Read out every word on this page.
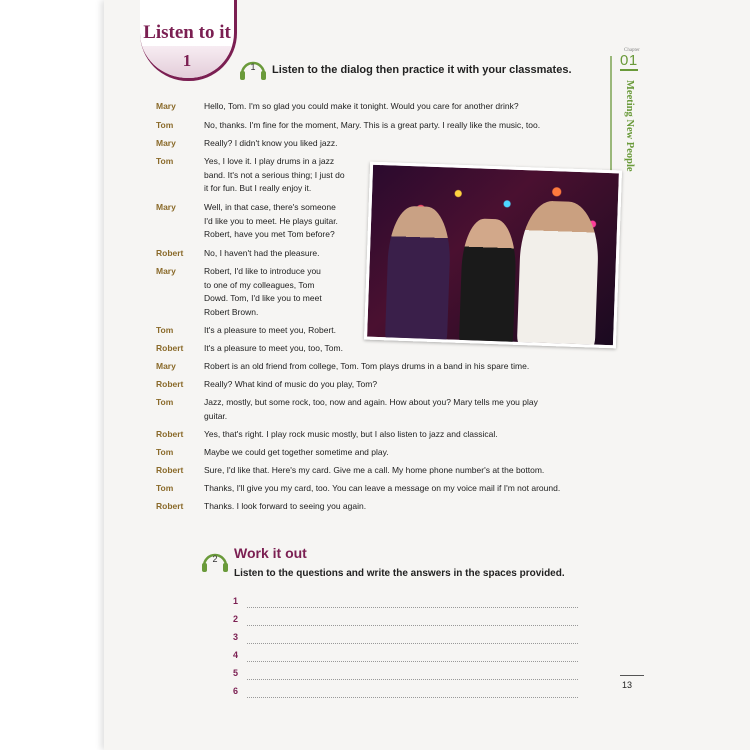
Listen to it
1	1	Listen to the dialog then practice it with your classmates.
Chapter
01
Meeting New People
Mary	Hello, Tom. I'm so glad you could make it tonight. Would you care for another drink?
Tom	No, thanks. I'm fine for the moment, Mary. This is a great party. I really like the music, too.
Mary	Really? I didn't know you liked jazz.
Tom	Yes, I love it. I play drums in a jazz
band. It's not a serious thing; I just do
it for fun. But I really enjoy it.
Mary	Well, in that case, there's someone
I'd like you to meet. He plays guitar.
Robert, have you met Tom before?
Robert No, I haven't had the pleasure.
Mary	Robert, I'd like to introduce you
to one of my colleagues, Tom
Dowd. Tom, I'd like you to meet
Robert Brown.
Tom	It's a pleasure to meet you, Robert.
Robert It's a pleasure to meet you, too, Tom.
Mary	Robert is an old friend from college, Tom. Tom plays drums in a band in his spare time.
Robert Really? What kind of music do you play, Tom?
Tom	Jazz, mostly, but some rock, too, now and again. How about you? Mary tells me you play
guitar.
Robert Yes, that's right. I play rock music mostly, but I also listen to jazz and classical.
Tom	Maybe we could get together sometime and play.
Robert Sure, I'd like that. Here's my card. Give me a call. My home phone number's at the bottom.
Tom	Thanks, I'll give you my card, too. You can leave a message on my voice mail if I'm not around.
Robert Thanks. I look forward to seeing you again.
2	Work it out
Listen to the questions and write the answers in the spaces provided.
1
2
3
4
5
6
13
